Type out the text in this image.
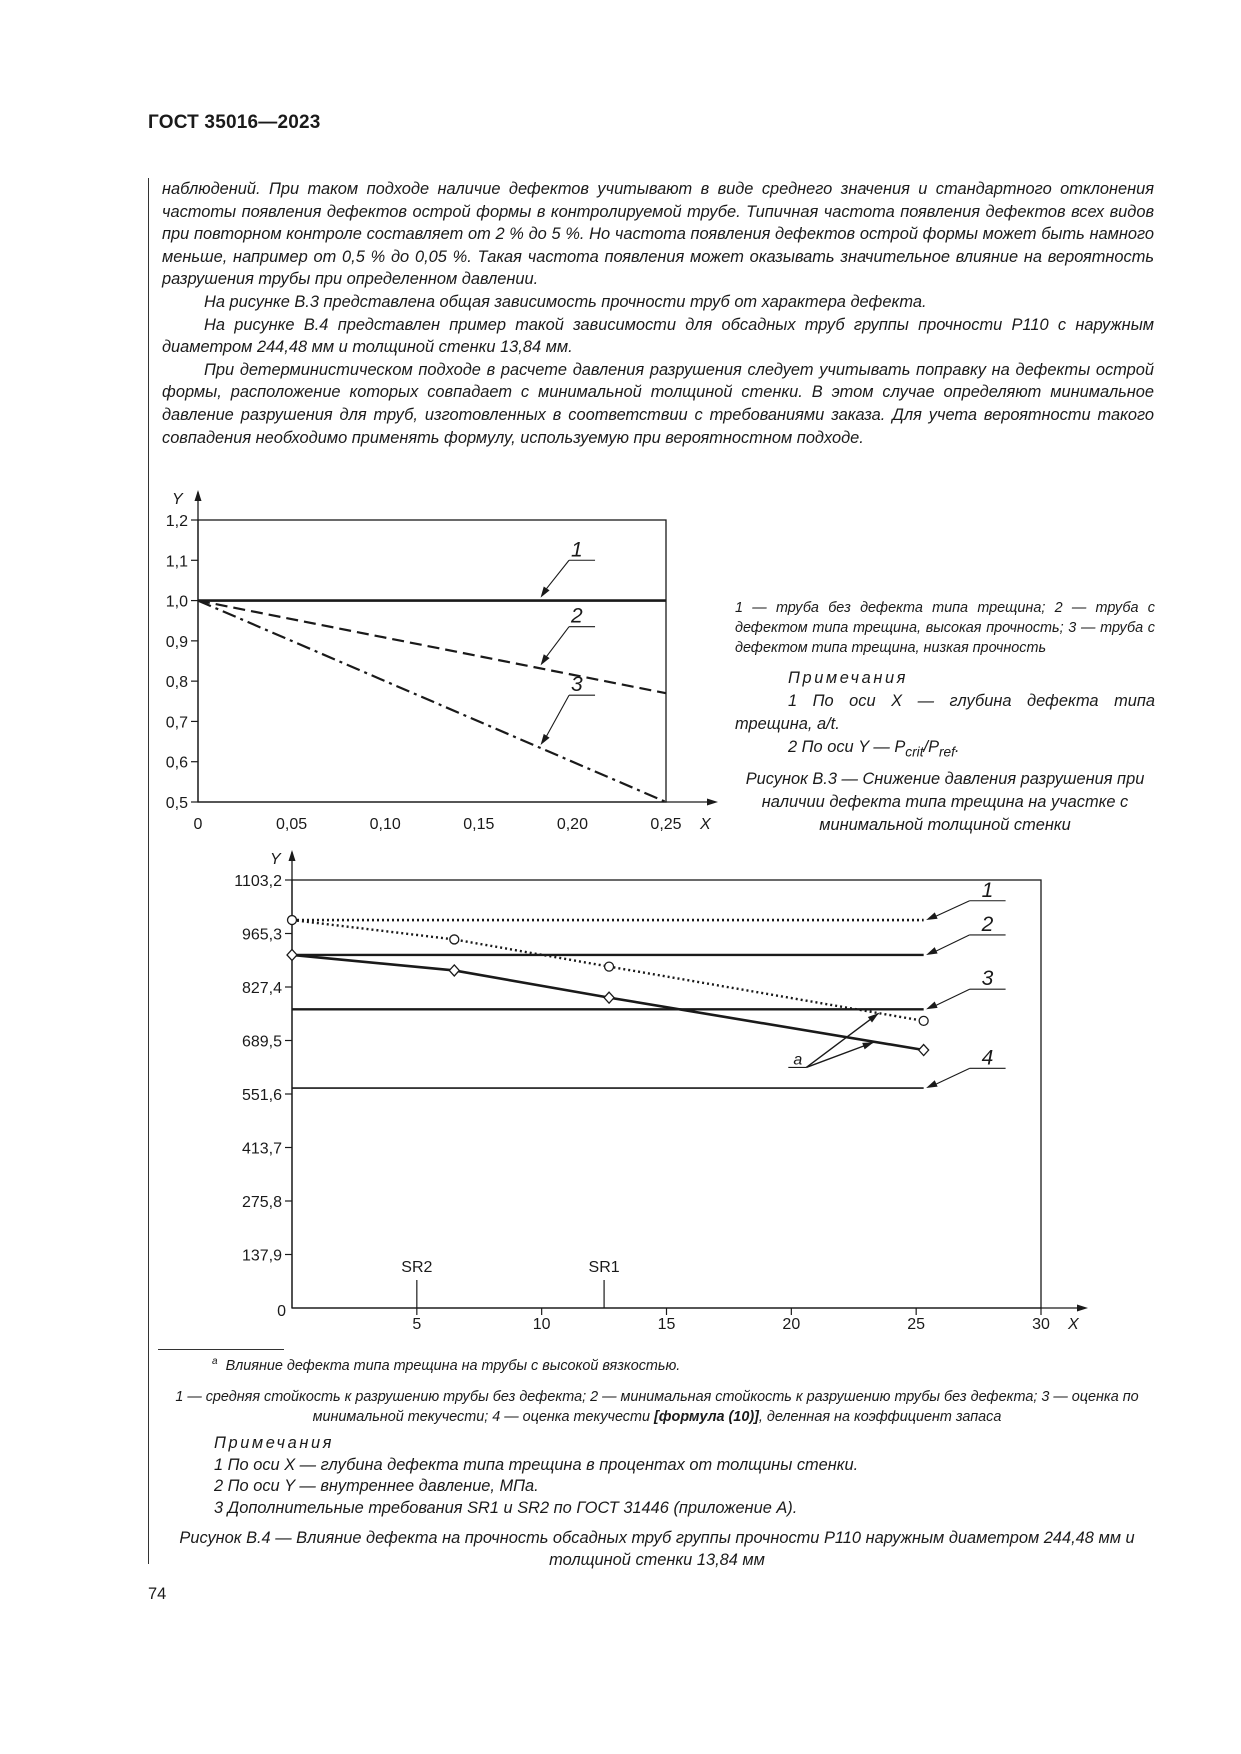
ГОСТ 35016—2023

наблюдений. При таком подходе наличие дефектов учитывают в виде среднего значения и стандартного отклонения частоты появления дефектов острой формы в контролируемой трубе. Типичная частота появления дефектов всех видов при повторном контроле составляет от 2 % до 5 %. Но частота появления дефектов острой формы может быть намного меньше, например от 0,5 % до 0,05 %. Такая частота появления может оказывать значительное влияние на вероятность разрушения трубы при определенном давлении.

На рисунке В.3 представлена общая зависимость прочности труб от характера дефекта.

На рисунке В.4 представлен пример такой зависимости для обсадных труб группы прочности Р110 с наружным диаметром 244,48 мм и толщиной стенки 13,84 мм.

При детерминистическом подходе в расчете давления разрушения следует учитывать поправку на дефекты острой формы, расположение которых совпадает с минимальной толщиной стенки. В этом случае определяют минимальное давление разрушения для труб, изготовленных в соответствии с требованиями заказа. Для учета вероятности такого совпадения необходимо применять формулу, используемую при вероятностном подходе.

Y
X
0,5
0,6
0,7
0,8
0,9
1,0
1,1
1,2
0	0,05	0,10	0,15	0,20	0,25
1
2
3
1 — труба без дефекта типа трещина; 2 — труба с дефектом типа трещина, высокая прочность; 3 — труба с дефектом типа трещина, низкая прочность
Примечания
1 По оси X — глубина дефекта типа трещина, a/t.
2 По оси Y — $P_{crit}/P_{ref}$.
Рисунок В.3 — Снижение давления разрушения при наличии дефекта типа трещина на участке с минимальной толщиной стенки
Y
X
0
137,9
275,8
413,7
551,6
689,5
827,4
965,3
1103,2
5	10	15	20	25	30
1
2
3
4
a
SR2	SR1
$^a$ Влияние дефекта типа трещина на трубы с высокой вязкостью.
1 — средняя стойкость к разрушению трубы без дефекта; 2 — минимальная стойкость к разрушению трубы без дефекта; 3 — оценка по минимальной текучести; 4 — оценка текучести [формула (10)], деленная на коэффициент запаса
Примечания
1 По оси X — глубина дефекта типа трещина в процентах от толщины стенки.
2 По оси Y — внутреннее давление, МПа.
3 Дополнительные требования SR1 и SR2 по ГОСТ 31446 (приложение А).
Рисунок В.4 — Влияние дефекта на прочность обсадных труб группы прочности Р110 наружным диаметром 244,48 мм и толщиной стенки 13,84 мм
74
